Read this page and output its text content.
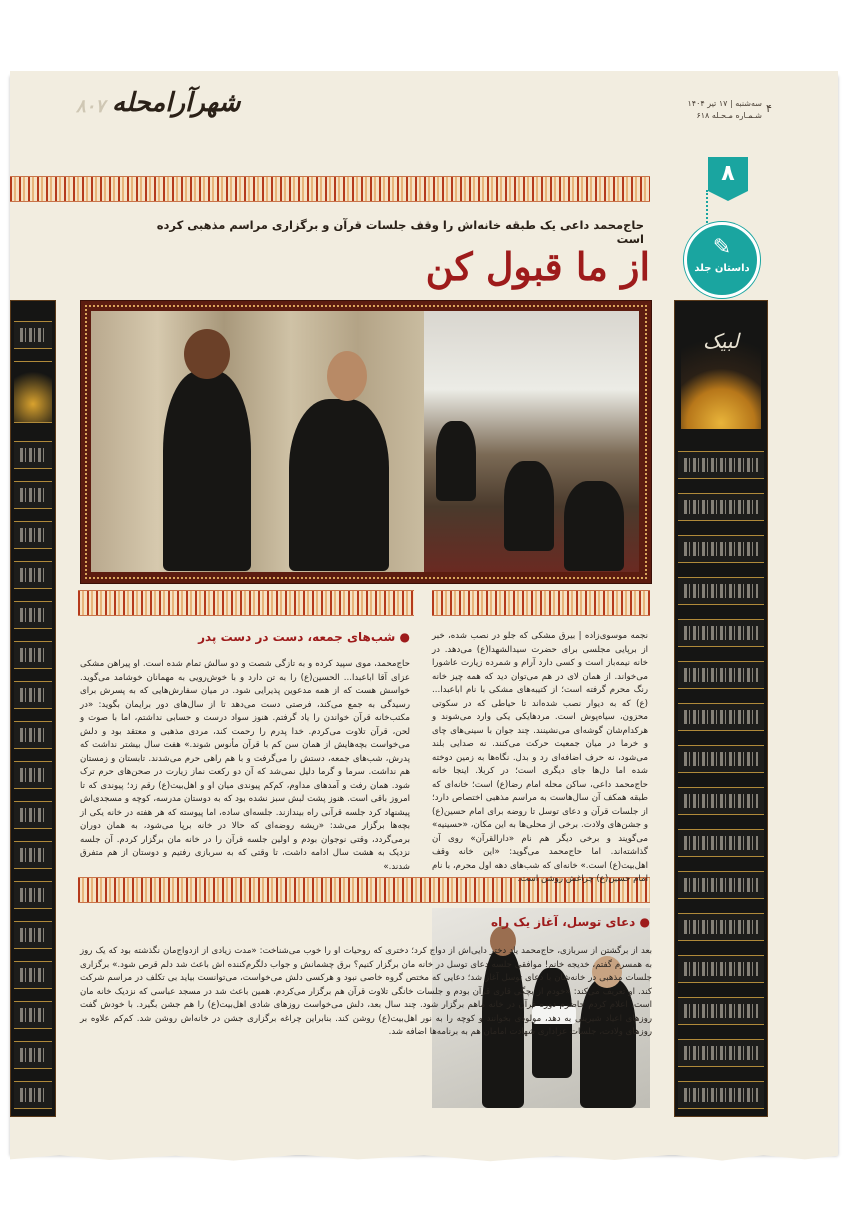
۸۰۷ شهرآرامحله	سه‌شنبه | ۱۷ تیر ۱۴۰۴
شـمـاره مـحـله ۶۱۸
۴
۸
✎
داستان جلد
حاج‌محمد داعی یک طبقه خانه‌اش را وقف جلسات قرآن و برگزاری مراسم مذهبی کرده است
از ما قبول کن
لبیک
نجمه موسوی‌زاده | بیرق مشکی که جلو در نصب شده، خبر از برپایی مجلسی برای حضرت سیدالشهدا(ع) می‌دهد. در خانه نیمه‌باز است و کسی دارد آرام و شمرده زیارت عاشورا می‌خواند. از همان لای در هم می‌توان دید که همه چیز خانه رنگ محرم گرفته است؛ از کتیبه‌های مشکی با نام اباعبدا... (ع) که به دیوار نصب شده‌اند تا حیاطی که در سکوتی محزون، سیاه‌پوش است. مردهایکی یکی وارد می‌شوند و هرکدام‌شان گوشه‌ای می‌نشینند. چند جوان با سینی‌های چای و خرما در میان جمعیت حرکت می‌کنند. نه صدایی بلند می‌شود، نه حرف اضافه‌ای رد و بدل. نگاه‌ها به زمین دوخته شده اما دل‌ها جای دیگری است؛ در کربلا. اینجا خانه حاج‌محمد داعی، ساکن محله امام رضا(ع) است؛ خانه‌ای که طبقه همکف آن سال‌هاست به مراسم مذهبی اختصاص دارد؛ از جلسات قرآن و دعای توسل تا روضه برای امام حسین(ع) و جشن‌های ولادت. برخی از محلی‌ها به این مکان، «حسینیه» می‌گویند و برخی دیگر هم نام «دارالقرآن» روی آن گذاشته‌اند. اما حاج‌محمد می‌گوید: «این خانه وقف اهل‌بیت(ع) است.» خانه‌ای که شب‌های دهه اول محرم، با نام امام حسین(ع) چراغش روشن است.
● شب‌های جمعه، دست در دست پدر
حاج‌محمد، موی سپید کرده و به تازگی شصت و دو سالش تمام شده است. او پیراهن مشکی عزای آقا اباعبدا... الحسین(ع) را به تن دارد و با خوش‌رویی به مهمانان خوشامد می‌گوید. خواسش هست که از همه مدعوین پذیرایی شود. در میان سفارش‌هایی که به پسرش برای رسیدگی به جمع می‌کند، فرصتی دست می‌دهد تا از سال‌های دور برایمان بگوید: «در مکتب‌خانه قرآن خواندن را یاد گرفتم. هنوز سواد درست و حسابی نداشتم، اما با صوت و لحن، قرآن تلاوت می‌کردم. خدا پدرم را رحمت کند، مردی مذهبی و معتقد بود و دلش می‌خواست بچه‌هایش از همان سن کم با قرآن مأنوس شوند.» هفت سال بیشتر نداشت که پدرش، شب‌های جمعه، دستش را می‌گرفت و با هم راهی حرم می‌شدند. تابستان و زمستان هم نداشت. سرما و گرما دلیل نمی‌شد که آن دو رکعت نماز زیارت در صحن‌های حرم ترک شود. همان رفت و آمدهای مداوم، کم‌کم پیوندی میان او و اهل‌بیت(ع) رقم زد؛ پیوندی که تا امروز باقی است. هنوز پشت لبش سبز نشده بود که به دوستان مدرسه، کوچه و مسجدی‌اش پیشنهاد کرد جلسه قرآنی راه بیندازند. جلسه‌ای ساده، اما پیوسته که هر هفته در خانه یکی از بچه‌ها برگزار می‌شد: «ریشه روضه‌ای که حالا در خانه برپا می‌شود، به همان دوران برمی‌گردد، وقتی نوجوان بودم و اولین جلسه قرآن را در خانه مان برگزار کردم. آن جلسه نزدیک به هشت سال ادامه داشت، تا وقتی که به سربازی رفتیم و دوستان از هم متفرق شدند.»
● دعای توسل، آغاز یک راه
بعد از برگشتن از سربازی، حاج‌محمد یاد دختر دایی‌اش از دواج کرد؛ دختری که روحیات او را خوب می‌شناخت: «مدت زیادی از ازدواج‌مان نگذشته بود که یک روز به همسرم گفتم، خدیجه خانم! موافقی جلسه دعای توسل در خانه مان برگزار کنیم؟ برق چشمانش و جواب دلگرم‌کننده اش باعث شد دلم قرص شود.» برگزاری جلسات مذهبی در خانه‌شان با دعای توسل آغاز شد؛ دعایی که مختص گروه خاصی نبود و هرکسی دلش می‌خواست، می‌توانست بیاید بی تکلف در مراسم شرکت کند. او تعریف می‌کند: «خودم از بچگی قاری قرآن بودم و جلسات خانگی تلاوت قرآن هم برگزار می‌کردم. همین باعث شد در مسجد عباسی که نزدیک خانه مان است، اعلام کردم حاضرم دوره قرآن در خانه ماهم برگزار شود. چند سال بعد، دلش می‌خواست روزهای شادی اهل‌بیت(ع) را هم جشن بگیرد. با خودش گفت روزهای اعیاد شیرینی به دهد، مولودی بخوانند و کوچه را به نور اهل‌بیت(ع) روشن کند. بنابراین چراغه برگزاری جشن در خانه‌اش روشن شد. کم‌کم علاوه بر روزهای ولادت، جلسات عزاداری شهادت امامان هم به برنامه‌ها اضافه شد.
